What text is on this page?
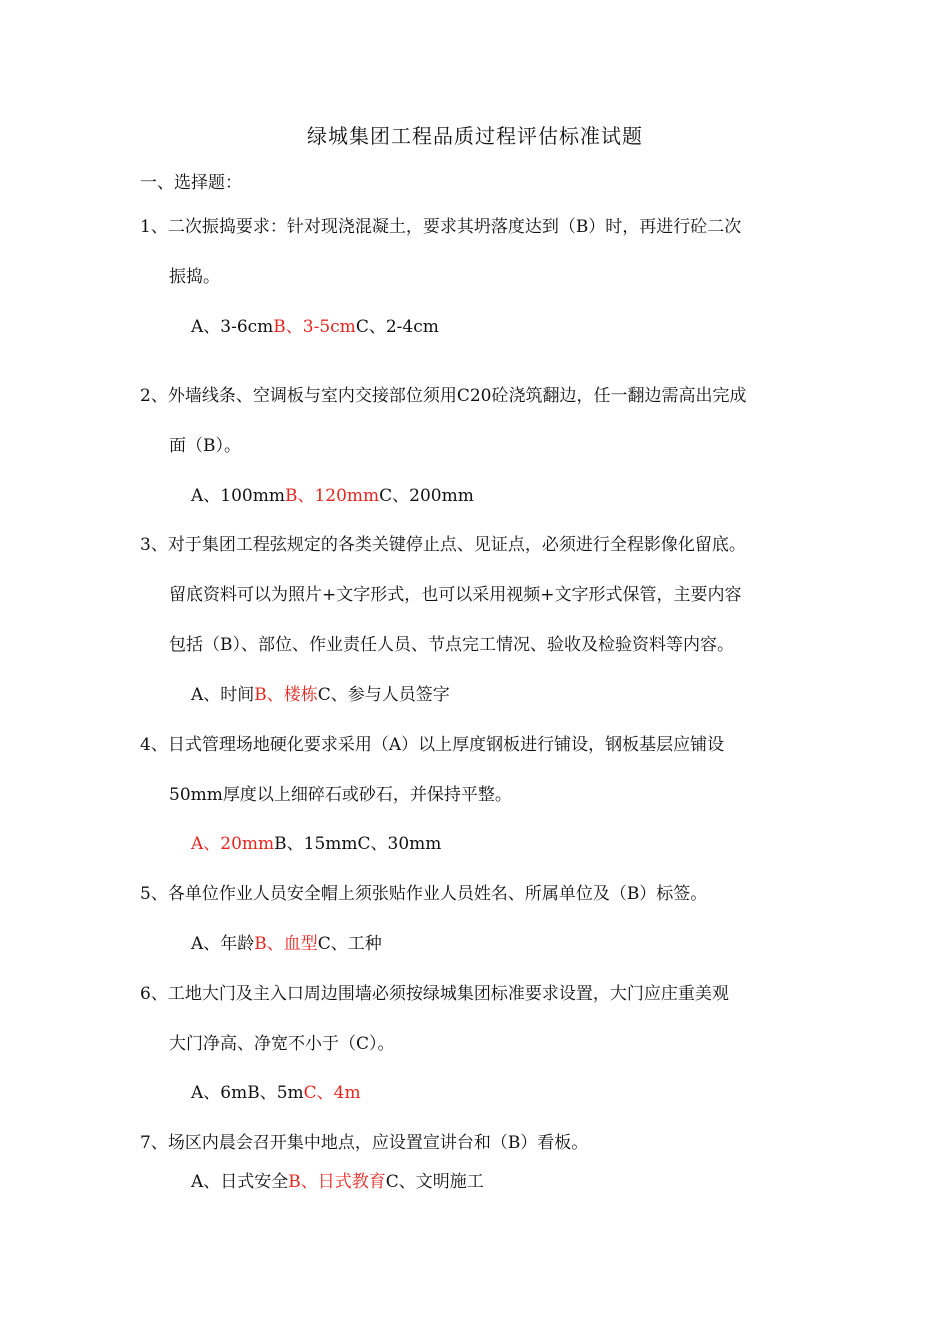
绿城集团工程品质过程评估标准试题
一、选择题：
1、二次振捣要求：针对现浇混凝土，要求其坍落度达到（B）时，再进行砼二次
振捣。
A、3-6cmB、3-5cmC、2-4cm
2、外墙线条、空调板与室内交接部位须用C20砼浇筑翻边，任一翻边需高出完成
面（B）。
A、100mmB、120mmC、200mm
3、对于集团工程弦规定的各类关键停止点、见证点，必须进行全程影像化留底。
留底资料可以为照片+文字形式，也可以采用视频+文字形式保管，主要内容
包括（B）、部位、作业责任人员、节点完工情况、验收及检验资料等内容。
A、时间B、楼栋C、参与人员签字
4、日式管理场地硬化要求采用（A）以上厚度钢板进行铺设，钢板基层应铺设
50mm厚度以上细碎石或砂石，并保持平整。
A、20mmB、15mmC、30mm
5、各单位作业人员安全帽上须张贴作业人员姓名、所属单位及（B）标签。
A、年龄B、血型C、工种
6、工地大门及主入口周边围墙必须按绿城集团标准要求设置，大门应庄重美观
大门净高、净宽不小于（C）。
A、6mB、5mC、4m
7、场区内晨会召开集中地点，应设置宣讲台和（B）看板。
A、日式安全B、日式教育C、文明施工
